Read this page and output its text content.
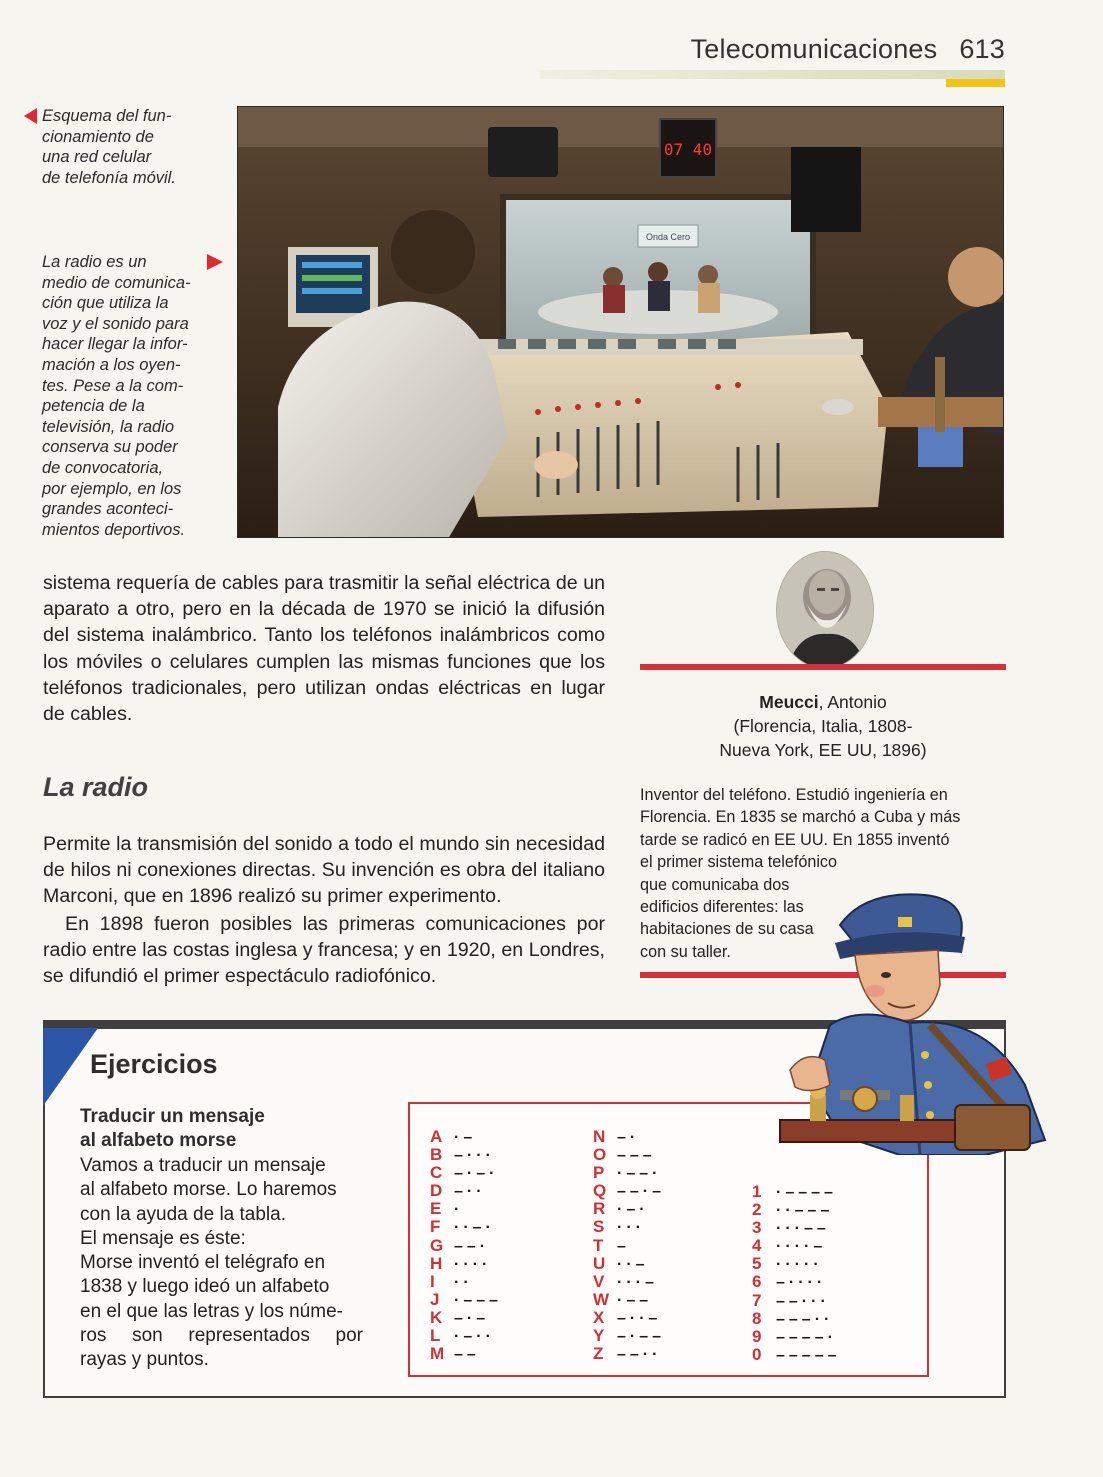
Telecomunicaciones 613
Esquema del fun-
cionamiento de
una red celular
de telefonía móvil.
La radio es un
medio de comunica-
ción que utiliza la
voz y el sonido para
hacer llegar la infor-
mación a los oyen-
tes. Pese a la com-
petencia de la
televisión, la radio
conserva su poder
de convocatoria,
por ejemplo, en los
grandes aconteci-
mientos deportivos.
Onda Cero
07 40
sistema requería de cables para trasmitir la señal eléctrica de un aparato a otro, pero en la década de 1970 se inició la difusión del sistema inalámbrico. Tanto los teléfonos inalámbricos como los móviles o celulares cumplen las mismas funciones que los teléfonos tradicionales, pero utilizan ondas eléctricas en lugar de cables.
La radio
Permite la transmisión del sonido a todo el mundo sin necesidad de hilos ni conexiones directas. Su invención es obra del italiano Marconi, que en 1896 realizó su primer experimento.
En 1898 fueron posibles las primeras comunicaciones por radio entre las costas inglesa y francesa; y en 1920, en Londres, se difundió el primer espectáculo radiofónico.
Meucci, Antonio
(Florencia, Italia, 1808-
Nueva York, EE UU, 1896)
Inventor del teléfono. Estudió ingeniería en
Florencia. En 1835 se marchó a Cuba y más
tarde se radicó en EE UU. En 1855 inventó
el primer sistema telefónico
que comunicaba dos
edificios diferentes: las
habitaciones de su casa
con su taller.
Ejercicios
Traducir un mensaje
al alfabeto morse
Vamos a traducir un mensaje
al alfabeto morse. Lo haremos
con la ayuda de la tabla.
El mensaje es éste:
Morse inventó el telégrafo en
1838 y luego ideó un alfabeto
en el que las letras y los núme-
ros son representados por
rayas y puntos.
A ·–
B –···
C –·–·
D –··
E ·
F ··–·
G ––·
H ····
I ··
J ·–––
K –·–
L ·–··
M ––
N –·
O –––
P ·––·
Q ––·–
R ·–·
S ···
T –
U ··–
V ···–
W ·––
X –··–
Y –·––
Z ––··
1 ·––––
2 ··–––
3 ···––
4 ····–
5 ·····
6 –····
7 ––···
8 –––··
9 ––––·
0 –––––
